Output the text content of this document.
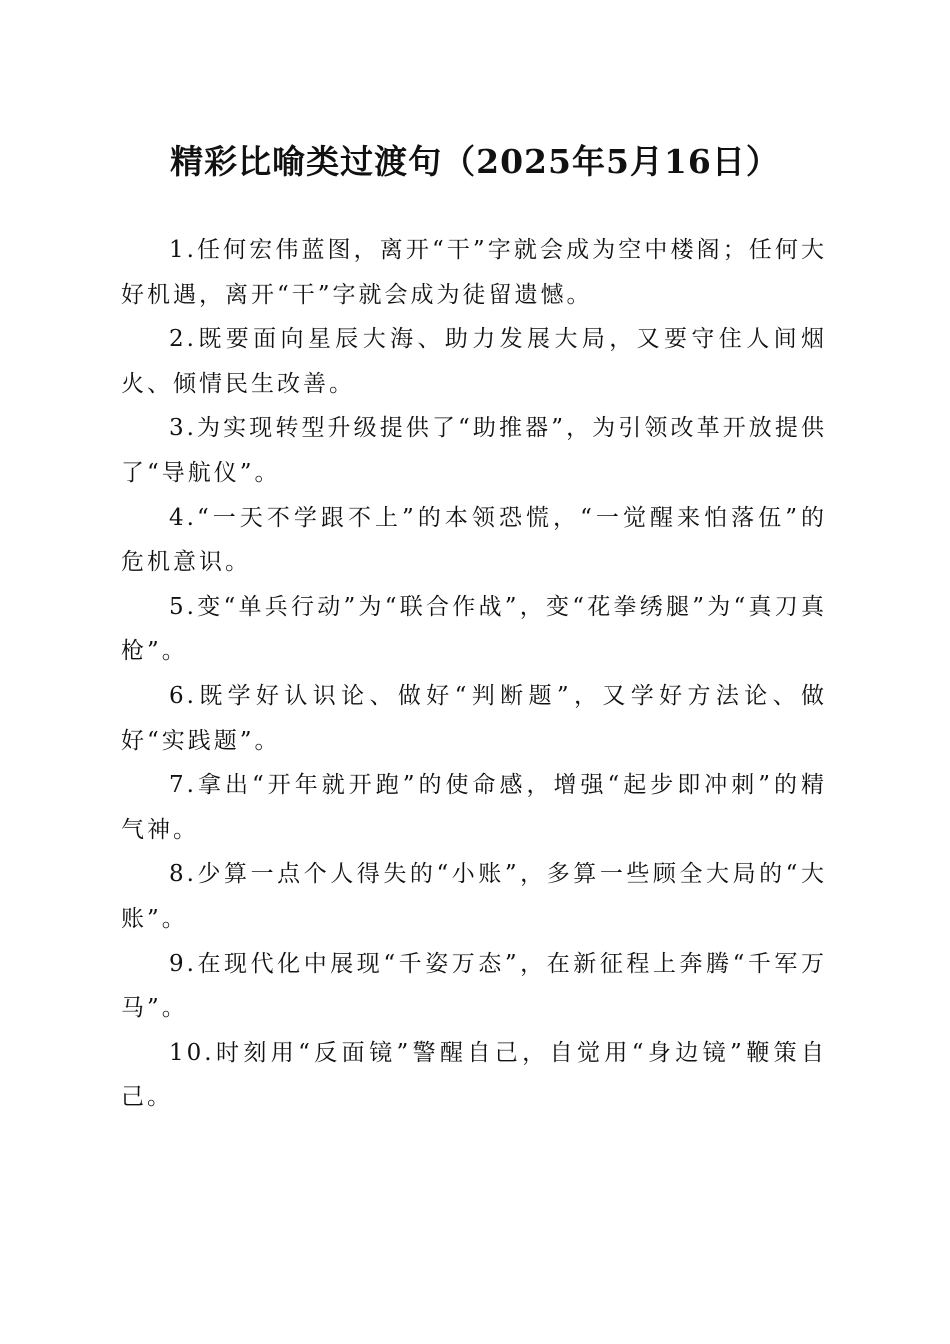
精彩比喻类过渡句（2025年5月16日）

1.任何宏伟蓝图，离开“干”字就会成为空中楼阁；任何大好机遇，离开“干”字就会成为徒留遗憾。

2.既要面向星辰大海、助力发展大局，又要守住人间烟火、倾情民生改善。

3.为实现转型升级提供了“助推器”，为引领改革开放提供了“导航仪”。

4.“一天不学跟不上”的本领恐慌，“一觉醒来怕落伍”的危机意识。

5.变“单兵行动”为“联合作战”，变“花拳绣腿”为“真刀真枪”。

6.既学好认识论、做好“判断题”，又学好方法论、做好“实践题”。

7.拿出“开年就开跑”的使命感，增强“起步即冲刺”的精气神。

8.少算一点个人得失的“小账”，多算一些顾全大局的“大账”。

9.在现代化中展现“千姿万态”，在新征程上奔腾“千军万马”。

10.时刻用“反面镜”警醒自己，自觉用“身边镜”鞭策自己。
